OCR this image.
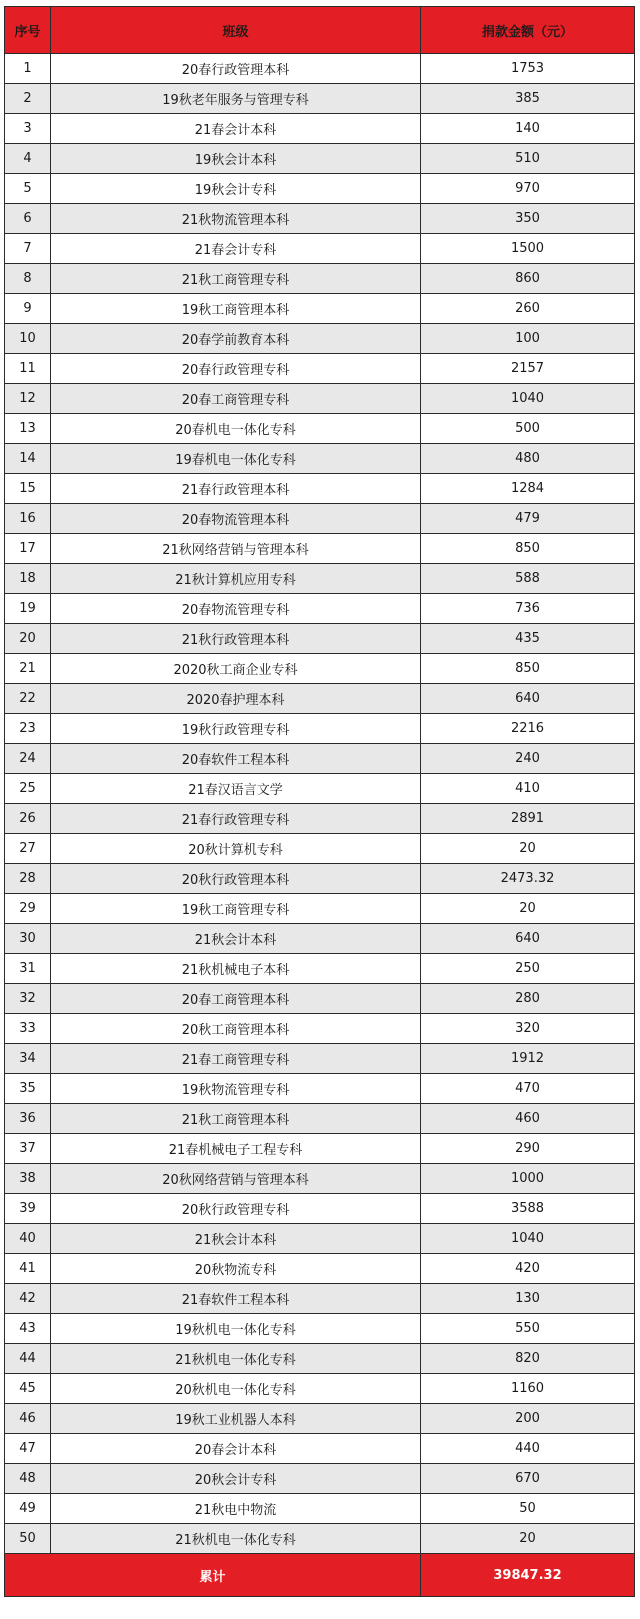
序号	班级	捐款金额（元）
1	20春行政管理本科	1753
2	19秋老年服务与管理专科	385
3	21春会计本科	140
4	19秋会计本科	510
5	19秋会计专科	970
6	21秋物流管理本科	350
7	21春会计专科	1500
8	21秋工商管理专科	860
9	19秋工商管理本科	260
10	20春学前教育本科	100
11	20春行政管理专科	2157
12	20春工商管理专科	1040
13	20春机电一体化专科	500
14	19春机电一体化专科	480
15	21春行政管理本科	1284
16	20春物流管理本科	479
17	21秋网络营销与管理本科	850
18	21秋计算机应用专科	588
19	20春物流管理专科	736
20	21秋行政管理本科	435
21	2020秋工商企业专科	850
22	2020春护理本科	640
23	19秋行政管理专科	2216
24	20春软件工程本科	240
25	21春汉语言文学	410
26	21春行政管理专科	2891
27	20秋计算机专科	20
28	20秋行政管理本科	2473.32
29	19秋工商管理专科	20
30	21秋会计本科	640
31	21秋机械电子本科	250
32	20春工商管理本科	280
33	20秋工商管理本科	320
34	21春工商管理专科	1912
35	19秋物流管理专科	470
36	21秋工商管理本科	460
37	21春机械电子工程专科	290
38	20秋网络营销与管理本科	1000
39	20秋行政管理专科	3588
40	21秋会计本科	1040
41	20秋物流专科	420
42	21春软件工程本科	130
43	19秋机电一体化专科	550
44	21秋机电一体化专科	820
45	20秋机电一体化专科	1160
46	19秋工业机器人本科	200
47	20春会计本科	440
48	20秋会计专科	670
49	21秋电中物流	50
50	21秋机电一体化专科	20
累计		39847.32
